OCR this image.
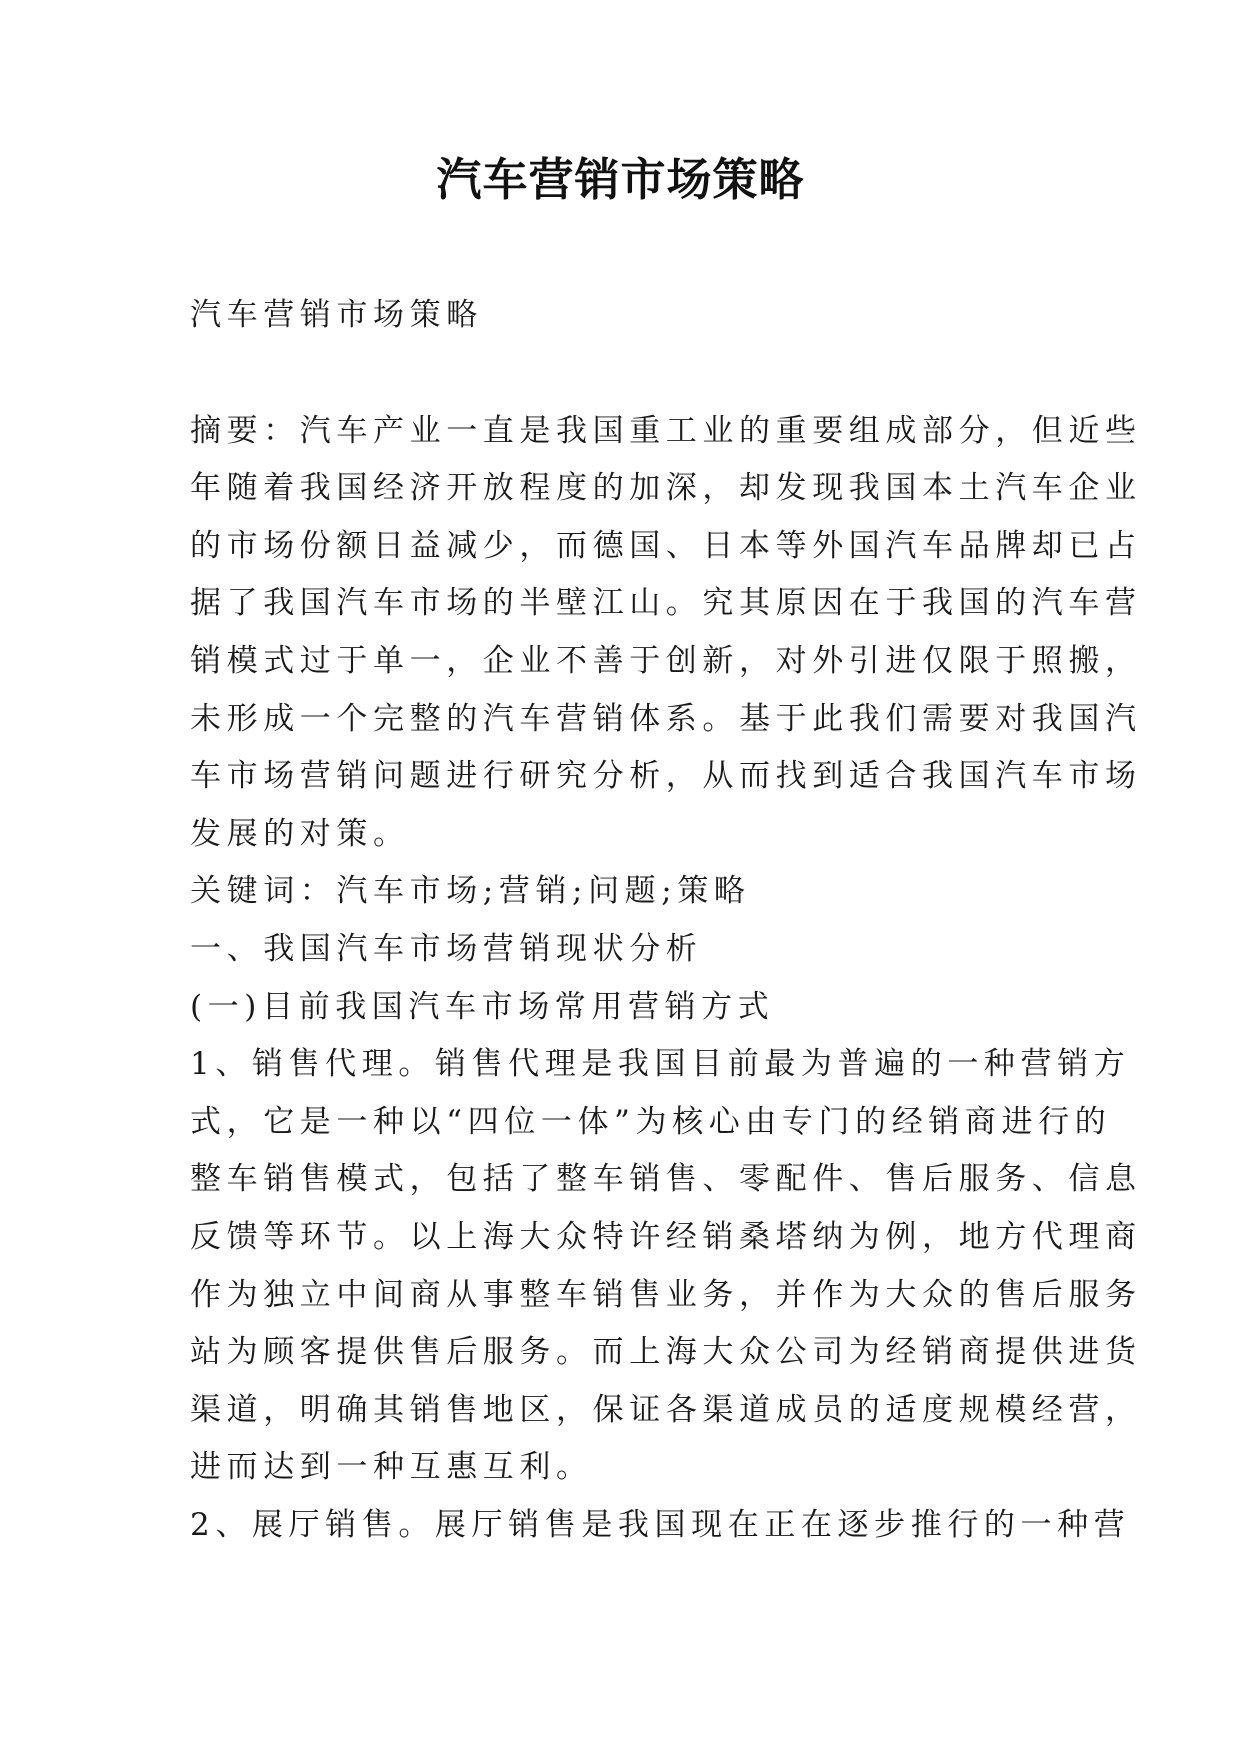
汽车营销市场策略

汽车营销市场策略

摘要：汽车产业一直是我国重工业的重要组成部分，但近些
年随着我国经济开放程度的加深，却发现我国本土汽车企业
的市场份额日益减少，而德国、日本等外国汽车品牌却已占
据了我国汽车市场的半壁江山。究其原因在于我国的汽车营
销模式过于单一，企业不善于创新，对外引进仅限于照搬，
未形成一个完整的汽车营销体系。基于此我们需要对我国汽
车市场营销问题进行研究分析，从而找到适合我国汽车市场
发展的对策。

关键词：汽车市场;营销;问题;策略

一、我国汽车市场营销现状分析

(一)目前我国汽车市场常用营销方式

1、销售代理。销售代理是我国目前最为普遍的一种营销方
式，它是一种以“四位一体”为核心由专门的经销商进行的
整车销售模式，包括了整车销售、零配件、售后服务、信息
反馈等环节。以上海大众特许经销桑塔纳为例，地方代理商
作为独立中间商从事整车销售业务，并作为大众的售后服务
站为顾客提供售后服务。而上海大众公司为经销商提供进货
渠道，明确其销售地区，保证各渠道成员的适度规模经营，
进而达到一种互惠互利。

2、展厅销售。展厅销售是我国现在正在逐步推行的一种营
